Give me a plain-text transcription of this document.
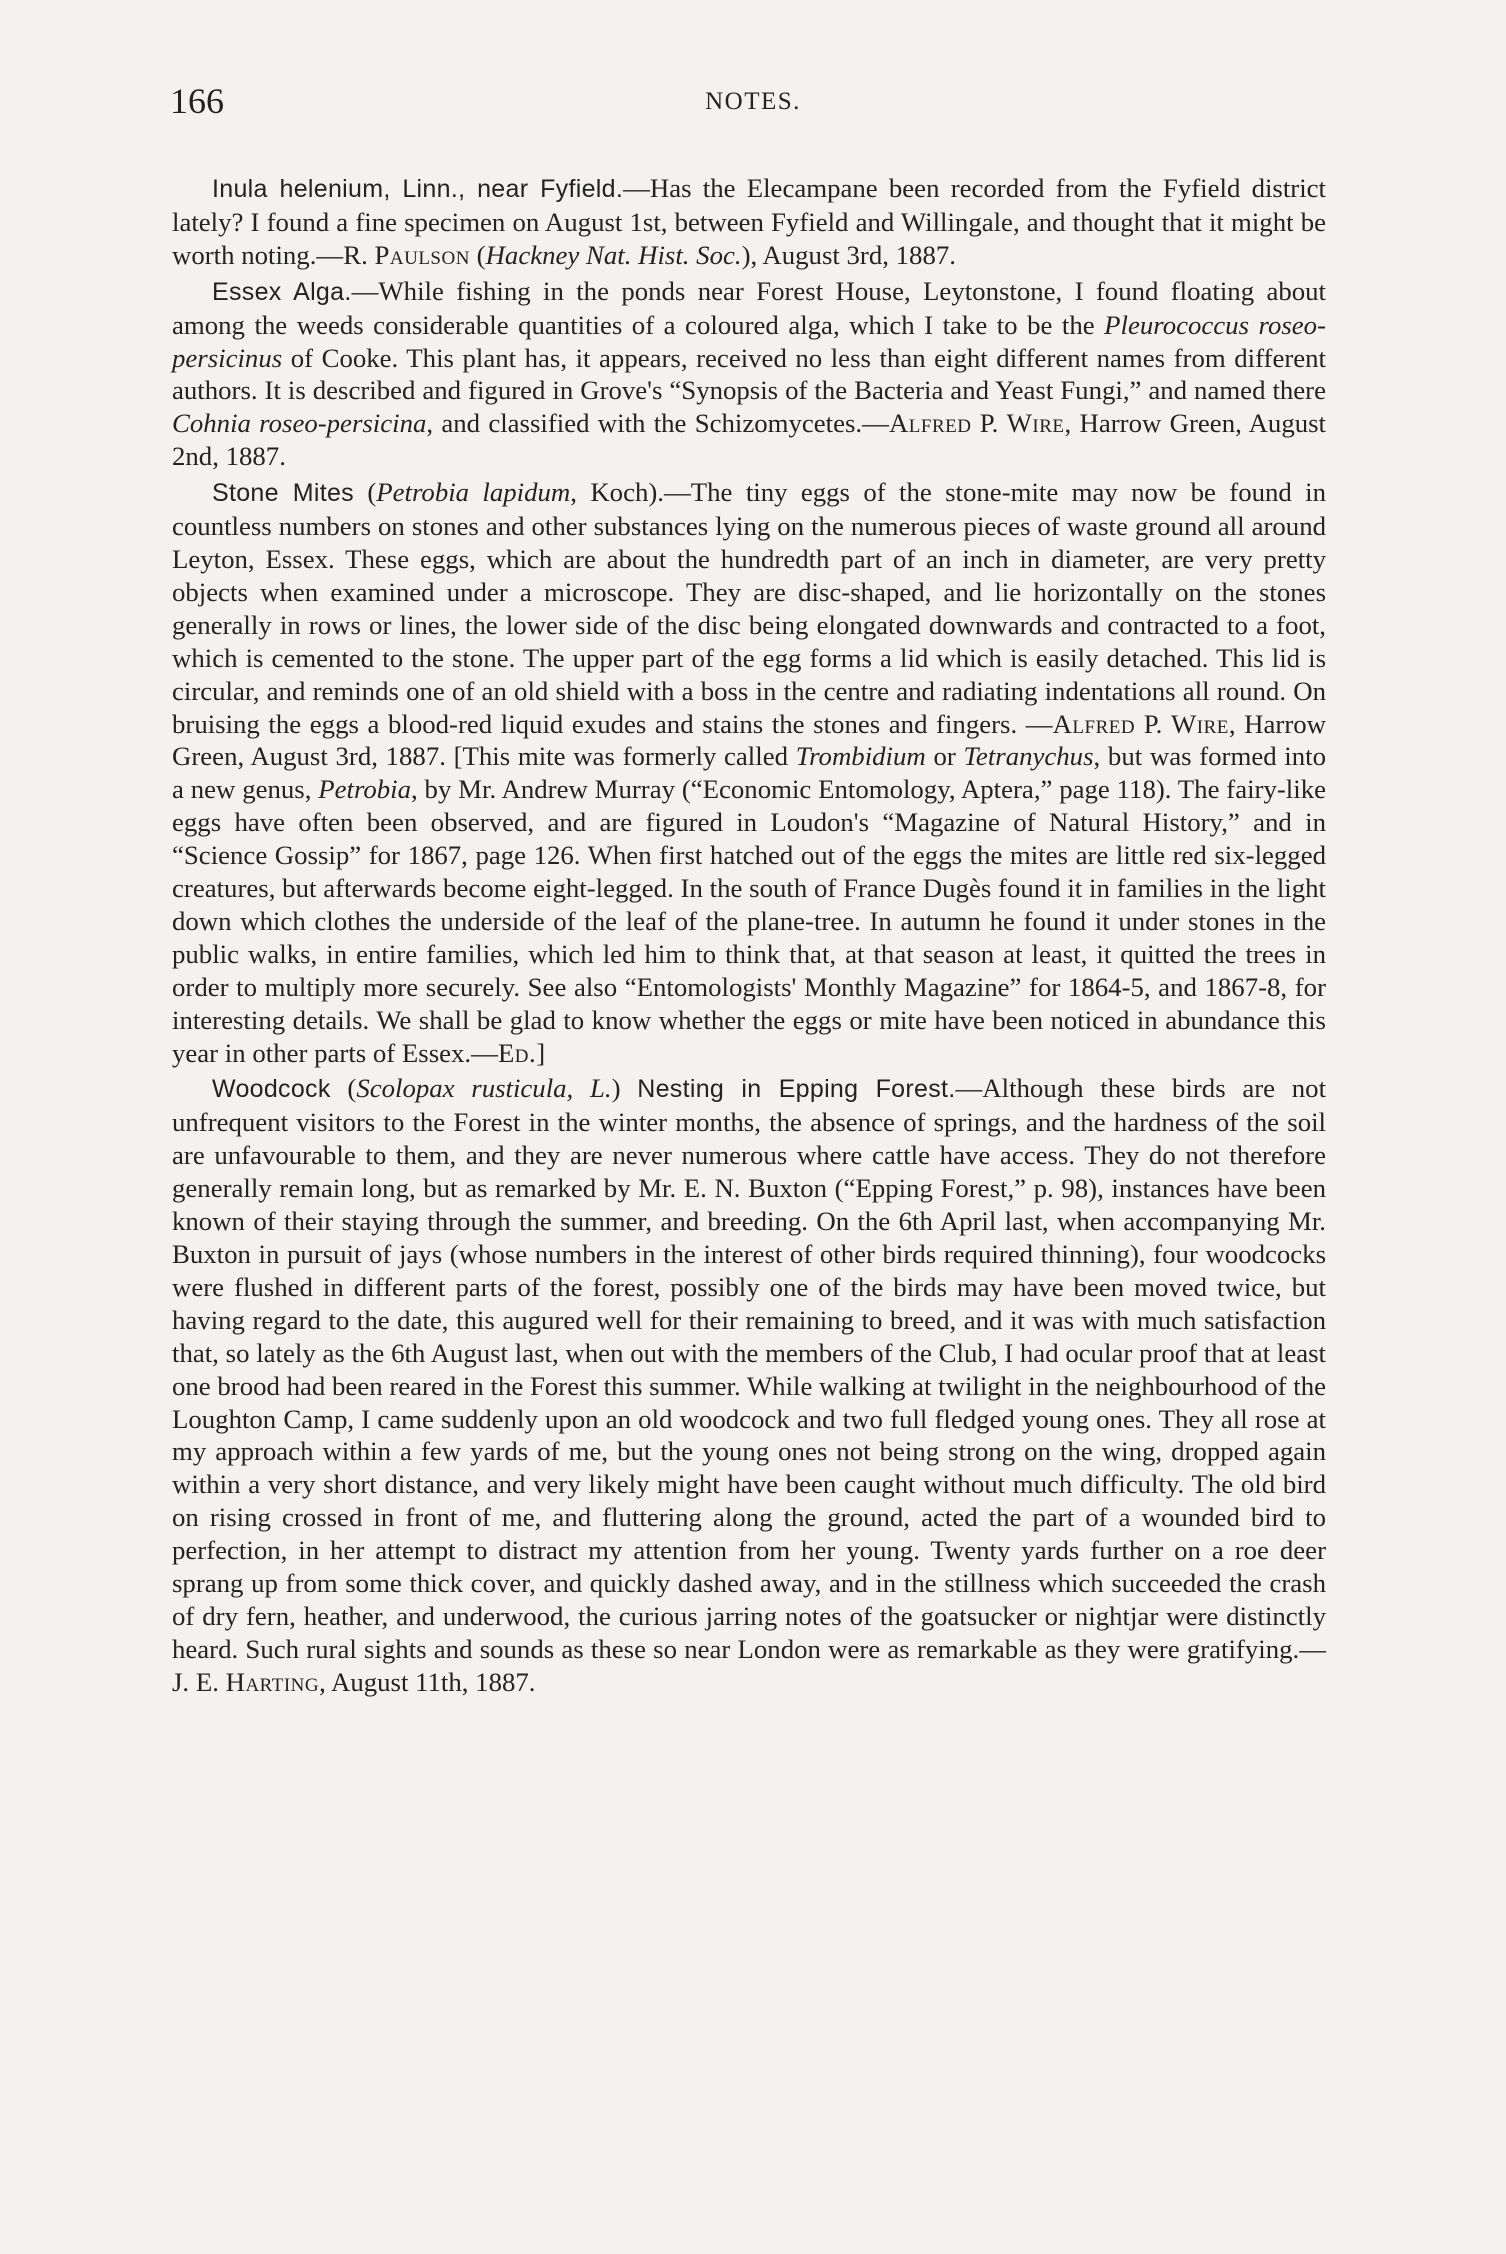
166	NOTES.

Inula helenium, Linn., near Fyfield.—Has the Elecampane been recorded from the Fyfield district lately? I found a fine specimen on August 1st, between Fyfield and Willingale, and thought that it might be worth noting.—R. Paulson (Hackney Nat. Hist. Soc.), August 3rd, 1887.

Essex Alga.—While fishing in the ponds near Forest House, Leytonstone, I found floating about among the weeds considerable quantities of a coloured alga, which I take to be the Pleurococcus roseo-persicinus of Cooke. This plant has, it appears, received no less than eight different names from different authors. It is described and figured in Grove's “Synopsis of the Bacteria and Yeast Fungi,” and named there Cohnia roseo-persicina, and classified with the Schizomycetes.—Alfred P. Wire, Harrow Green, August 2nd, 1887.

Stone Mites (Petrobia lapidum, Koch).—The tiny eggs of the stone-mite may now be found in countless numbers on stones and other substances lying on the numerous pieces of waste ground all around Leyton, Essex. These eggs, which are about the hundredth part of an inch in diameter, are very pretty objects when examined under a microscope. They are disc-shaped, and lie horizontally on the stones generally in rows or lines, the lower side of the disc being elongated downwards and contracted to a foot, which is cemented to the stone. The upper part of the egg forms a lid which is easily detached. This lid is circular, and reminds one of an old shield with a boss in the centre and radiating indentations all round. On bruising the eggs a blood-red liquid exudes and stains the stones and fingers. —Alfred P. Wire, Harrow Green, August 3rd, 1887. [This mite was formerly called Trombidium or Tetranychus, but was formed into a new genus, Petrobia, by Mr. Andrew Murray (“Economic Entomology, Aptera,” page 118). The fairy-like eggs have often been observed, and are figured in Loudon's “Magazine of Natural History,” and in “Science Gossip” for 1867, page 126. When first hatched out of the eggs the mites are little red six-legged creatures, but afterwards become eight-legged. In the south of France Dugès found it in families in the light down which clothes the underside of the leaf of the plane-tree. In autumn he found it under stones in the public walks, in entire families, which led him to think that, at that season at least, it quitted the trees in order to multiply more securely. See also “Entomologists' Monthly Magazine” for 1864-5, and 1867-8, for interesting details. We shall be glad to know whether the eggs or mite have been noticed in abundance this year in other parts of Essex.—Ed.]

Woodcock (Scolopax rusticula, L.) Nesting in Epping Forest.—Although these birds are not unfrequent visitors to the Forest in the winter months, the absence of springs, and the hardness of the soil are unfavourable to them, and they are never numerous where cattle have access. They do not therefore generally remain long, but as remarked by Mr. E. N. Buxton (“Epping Forest,” p. 98), instances have been known of their staying through the summer, and breeding. On the 6th April last, when accompanying Mr. Buxton in pursuit of jays (whose numbers in the interest of other birds required thinning), four woodcocks were flushed in different parts of the forest, possibly one of the birds may have been moved twice, but having regard to the date, this augured well for their remaining to breed, and it was with much satisfaction that, so lately as the 6th August last, when out with the members of the Club, I had ocular proof that at least one brood had been reared in the Forest this summer. While walking at twilight in the neighbourhood of the Loughton Camp, I came suddenly upon an old woodcock and two full fledged young ones. They all rose at my approach within a few yards of me, but the young ones not being strong on the wing, dropped again within a very short distance, and very likely might have been caught without much difficulty. The old bird on rising crossed in front of me, and fluttering along the ground, acted the part of a wounded bird to perfection, in her attempt to distract my attention from her young. Twenty yards further on a roe deer sprang up from some thick cover, and quickly dashed away, and in the stillness which succeeded the crash of dry fern, heather, and underwood, the curious jarring notes of the goatsucker or nightjar were distinctly heard. Such rural sights and sounds as these so near London were as remarkable as they were gratifying.—J. E. Harting, August 11th, 1887.
